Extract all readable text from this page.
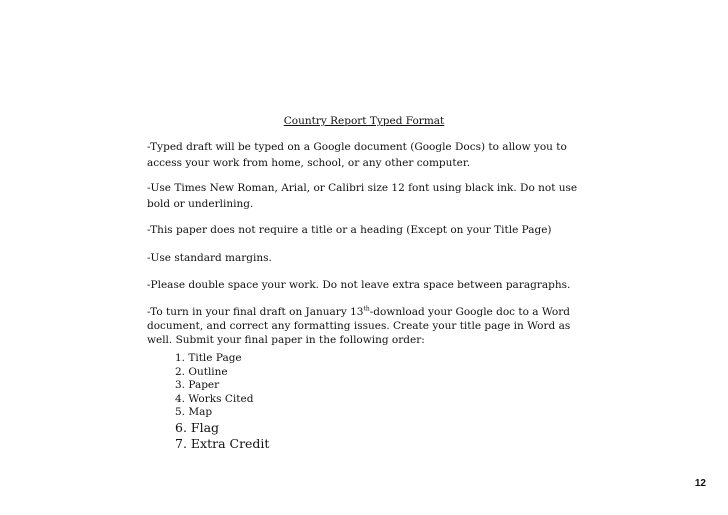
Country Report Typed Format

-Typed draft will be typed on a Google document (Google Docs) to allow you to access your work from home, school, or any other computer.

-Use Times New Roman, Arial, or Calibri size 12 font using black ink. Do not use bold or underlining.

-This paper does not require a title or a heading (Except on your Title Page)

-Use standard margins.

-Please double space your work. Do not leave extra space between paragraphs.

-To turn in your final draft on January 13th-download your Google doc to a Word document, and correct any formatting issues. Create your title page in Word as well. Submit your final paper in the following order:

1. Title Page
2. Outline
3. Paper
4. Works Cited
5. Map
6. Flag
7. Extra Credit
12
